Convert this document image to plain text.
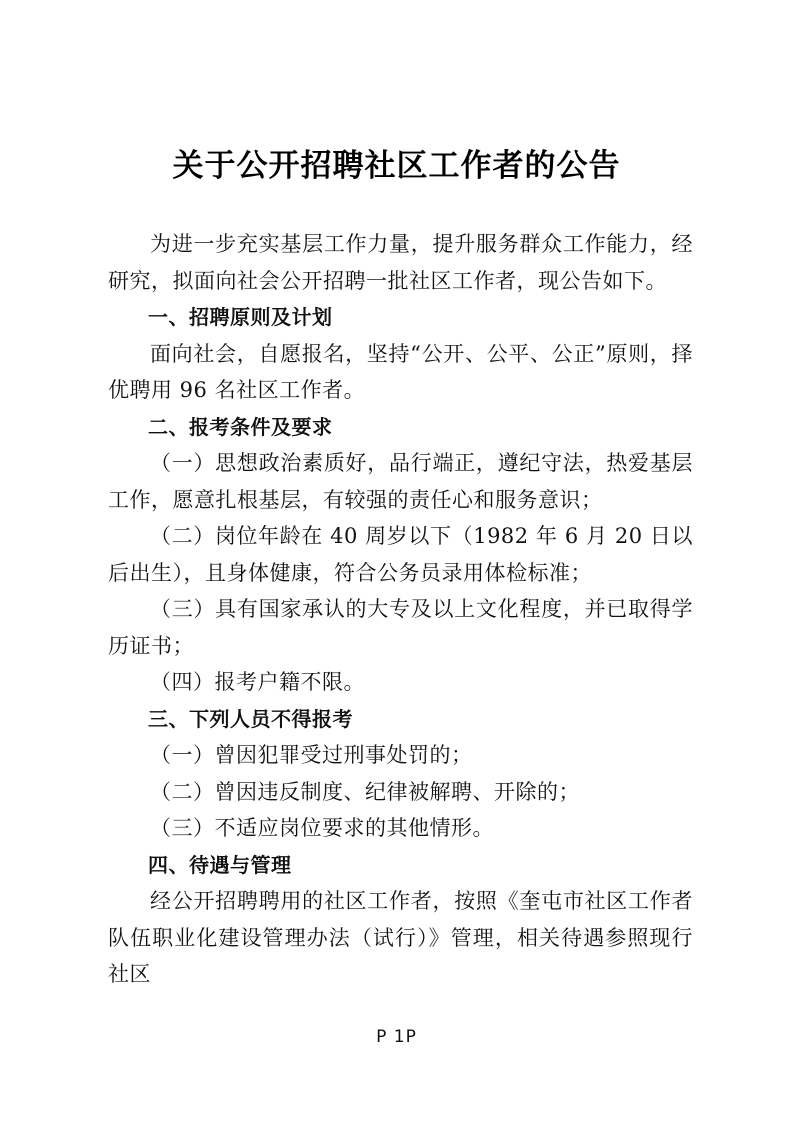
关于公开招聘社区工作者的公告

为进一步充实基层工作力量，提升服务群众工作能力，经研究，拟面向社会公开招聘一批社区工作者，现公告如下。

一、招聘原则及计划

面向社会，自愿报名，坚持“公开、公平、公正”原则，择优聘用 96 名社区工作者。

二、报考条件及要求

（一）思想政治素质好，品行端正，遵纪守法，热爱基层工作，愿意扎根基层，有较强的责任心和服务意识；

（二）岗位年龄在 40 周岁以下（1982 年 6 月 20 日以后出生），且身体健康，符合公务员录用体检标准；

（三）具有国家承认的大专及以上文化程度，并已取得学历证书；

（四）报考户籍不限。

三、下列人员不得报考

（一）曾因犯罪受过刑事处罚的；

（二）曾因违反制度、纪律被解聘、开除的；

（三）不适应岗位要求的其他情形。

四、待遇与管理

经公开招聘聘用的社区工作者，按照《奎屯市社区工作者队伍职业化建设管理办法（试行）》管理，相关待遇参照现行社区

P 1P
